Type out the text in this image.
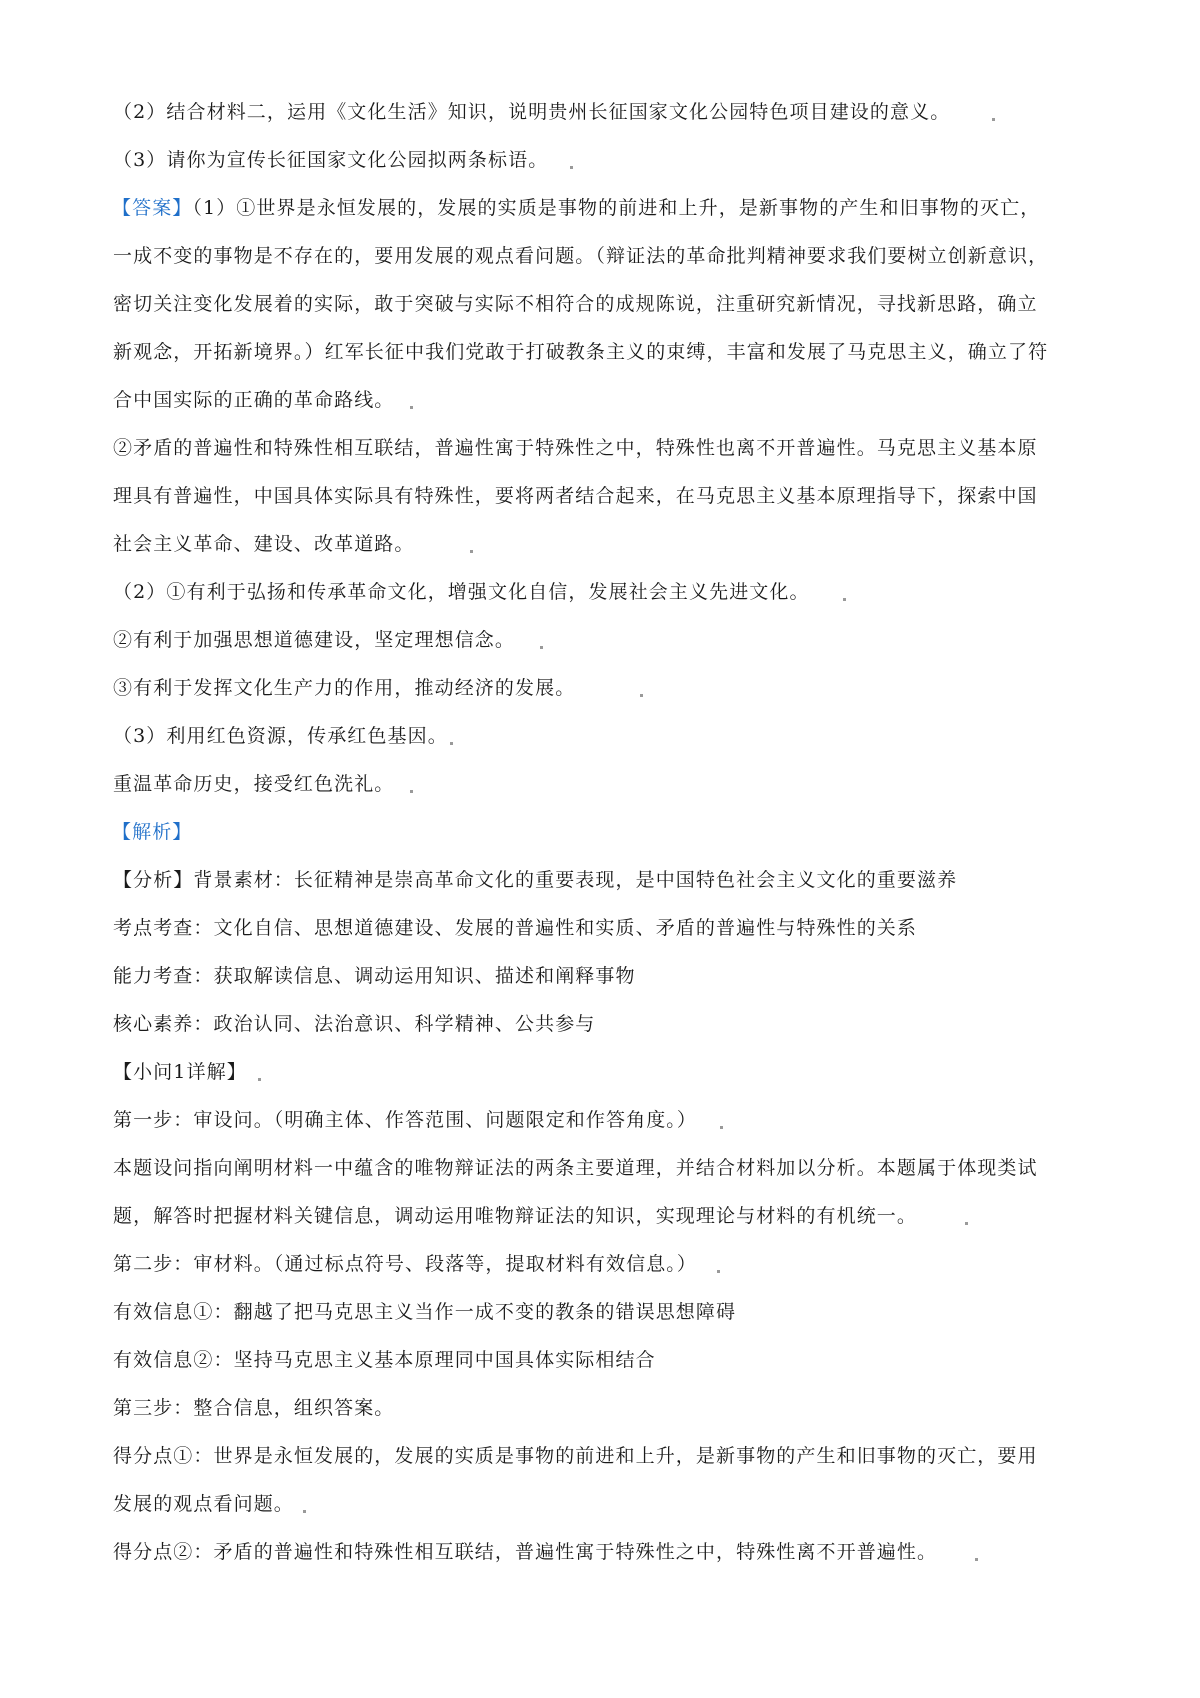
（2）结合材料二，运用《文化生活》知识，说明贵州长征国家文化公园特色项目建设的意义。
（3）请你为宣传长征国家文化公园拟两条标语。
【答案】（1）①世界是永恒发展的，发展的实质是事物的前进和上升，是新事物的产生和旧事物的灭亡，
一成不变的事物是不存在的，要用发展的观点看问题。（辩证法的革命批判精神要求我们要树立创新意识，
密切关注变化发展着的实际，敢于突破与实际不相符合的成规陈说，注重研究新情况，寻找新思路，确立
新观念，开拓新境界。）红军长征中我们党敢于打破教条主义的束缚，丰富和发展了马克思主义，确立了符
合中国实际的正确的革命路线。
②矛盾的普遍性和特殊性相互联结，普遍性寓于特殊性之中，特殊性也离不开普遍性。马克思主义基本原
理具有普遍性，中国具体实际具有特殊性，要将两者结合起来，在马克思主义基本原理指导下，探索中国
社会主义革命、建设、改革道路。
（2）①有利于弘扬和传承革命文化，增强文化自信，发展社会主义先进文化。
②有利于加强思想道德建设，坚定理想信念。
③有利于发挥文化生产力的作用，推动经济的发展。
（3）利用红色资源，传承红色基因。
重温革命历史，接受红色洗礼。
【解析】
【分析】背景素材：长征精神是崇高革命文化的重要表现，是中国特色社会主义文化的重要滋养
考点考查：文化自信、思想道德建设、发展的普遍性和实质、矛盾的普遍性与特殊性的关系
能力考查：获取解读信息、调动运用知识、描述和阐释事物
核心素养：政治认同、法治意识、科学精神、公共参与
【小问1详解】
第一步：审设问。（明确主体、作答范围、问题限定和作答角度。）
本题设问指向阐明材料一中蕴含的唯物辩证法的两条主要道理，并结合材料加以分析。本题属于体现类试
题，解答时把握材料关键信息，调动运用唯物辩证法的知识，实现理论与材料的有机统一。
第二步：审材料。（通过标点符号、段落等，提取材料有效信息。）
有效信息①：翻越了把马克思主义当作一成不变的教条的错误思想障碍
有效信息②：坚持马克思主义基本原理同中国具体实际相结合
第三步：整合信息，组织答案。
得分点①：世界是永恒发展的，发展的实质是事物的前进和上升，是新事物的产生和旧事物的灭亡，要用
发展的观点看问题。
得分点②：矛盾的普遍性和特殊性相互联结，普遍性寓于特殊性之中，特殊性离不开普遍性。
